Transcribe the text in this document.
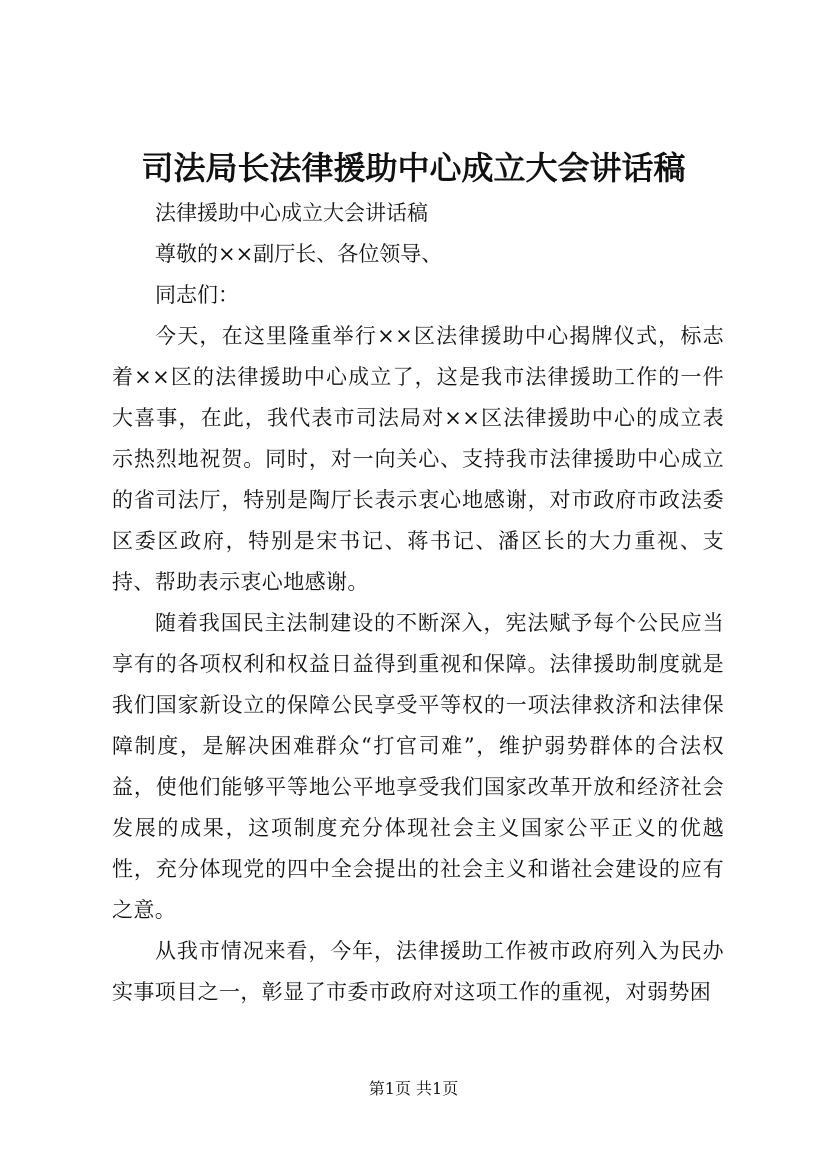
司法局长法律援助中心成立大会讲话稿

法律援助中心成立大会讲话稿

尊敬的××副厅长、各位领导、

同志们：

今天，在这里隆重举行××区法律援助中心揭牌仪式，标志着××区的法律援助中心成立了，这是我市法律援助工作的一件大喜事，在此，我代表市司法局对××区法律援助中心的成立表示热烈地祝贺。同时，对一向关心、支持我市法律援助中心成立的省司法厅，特别是陶厅长表示衷心地感谢，对市政府市政法委区委区政府，特别是宋书记、蒋书记、潘区长的大力重视、支持、帮助表示衷心地感谢。

随着我国民主法制建设的不断深入，宪法赋予每个公民应当享有的各项权利和权益日益得到重视和保障。法律援助制度就是我们国家新设立的保障公民享受平等权的一项法律救济和法律保障制度，是解决困难群众“打官司难”，维护弱势群体的合法权益，使他们能够平等地公平地享受我们国家改革开放和经济社会发展的成果，这项制度充分体现社会主义国家公平正义的优越性，充分体现党的四中全会提出的社会主义和谐社会建设的应有之意。

从我市情况来看，今年，法律援助工作被市政府列入为民办实事项目之一，彰显了市委市政府对这项工作的重视，对弱势困

第1页 共1页
